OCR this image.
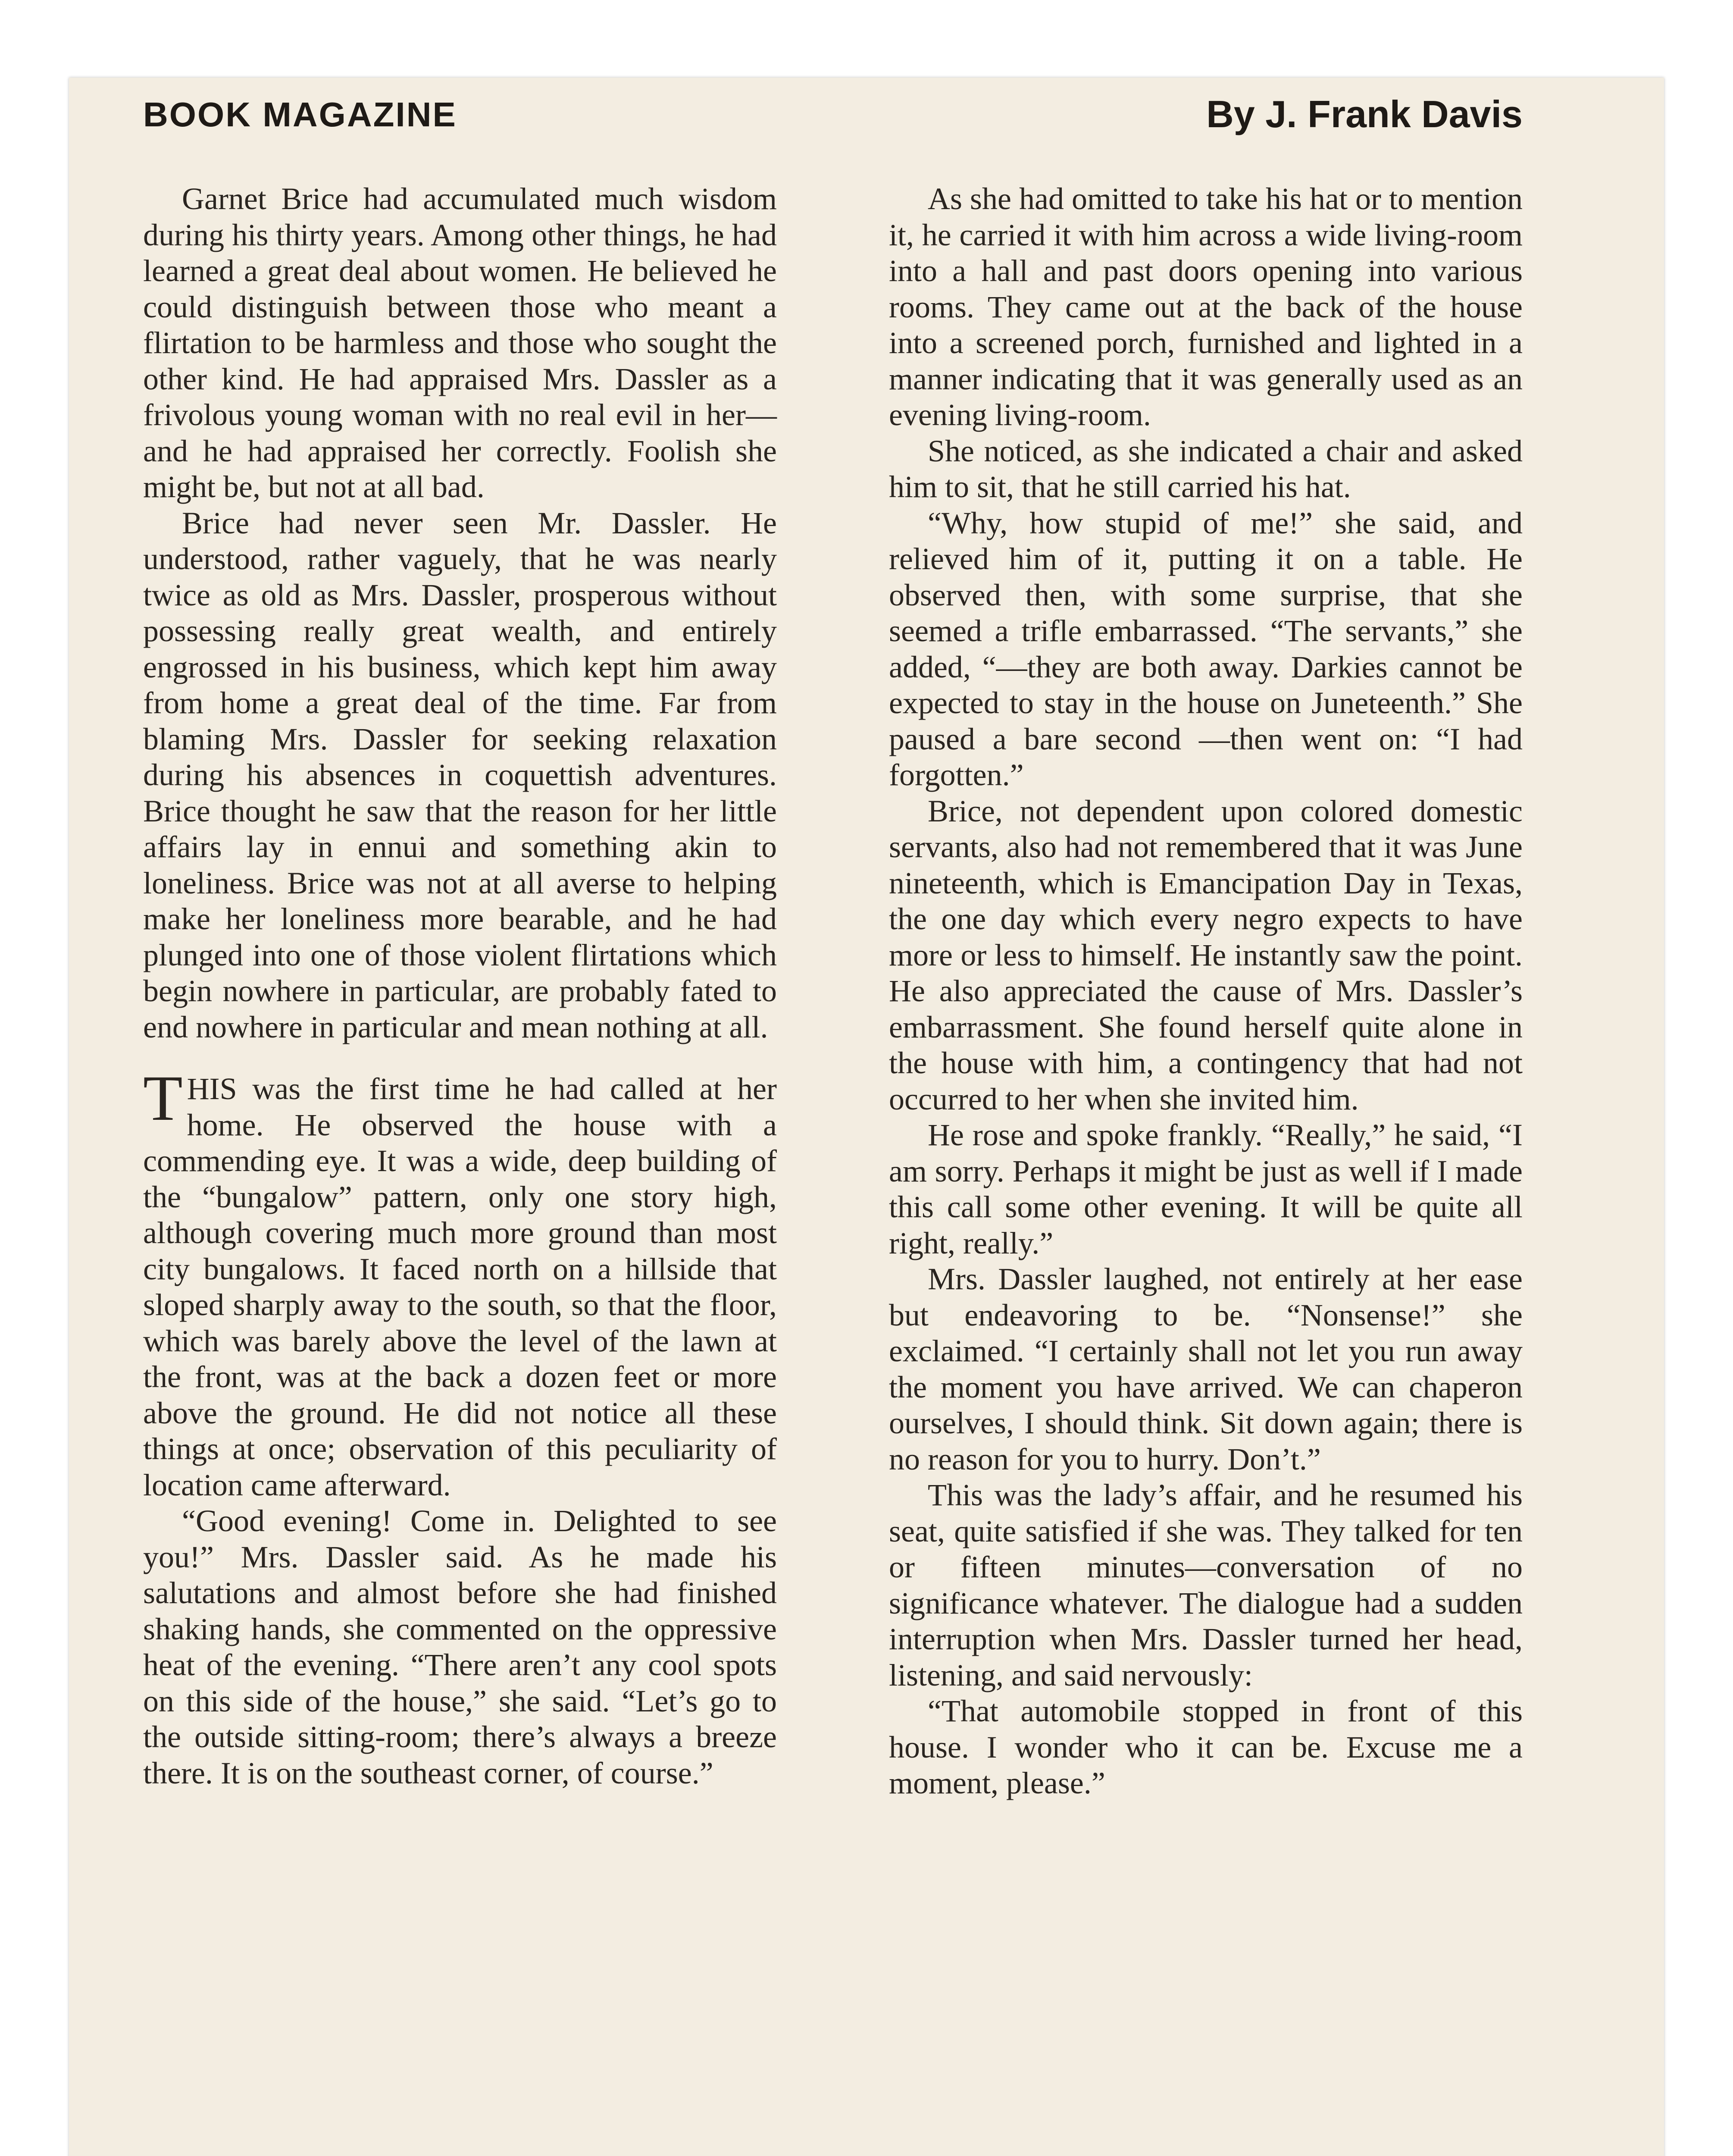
BOOK MAGAZINE	By J. Frank Davis

Garnet Brice had accumulated much wisdom during his thirty years. Among other things, he had learned a great deal about women. He believed he could distinguish between those who meant a flirtation to be harmless and those who sought the other kind. He had appraised Mrs. Dassler as a frivolous young woman with no real evil in her—and he had appraised her correctly. Foolish she might be, but not at all bad.

Brice had never seen Mr. Dassler. He understood, rather vaguely, that he was nearly twice as old as Mrs. Dassler, prosperous without possessing really great wealth, and entirely engrossed in his business, which kept him away from home a great deal of the time. Far from blaming Mrs. Dassler for seeking relaxation during his absences in coquettish adventures. Brice thought he saw that the reason for her little affairs lay in ennui and something akin to loneliness. Brice was not at all averse to helping make her loneliness more bearable, and he had plunged into one of those violent flirtations which begin nowhere in particular, are probably fated to end nowhere in particular and mean nothing at all.

THIS was the first time he had called at her home. He observed the house with a commending eye. It was a wide, deep building of the “bungalow” pattern, only one story high, although covering much more ground than most city bungalows. It faced north on a hillside that sloped sharply away to the south, so that the floor, which was barely above the level of the lawn at the front, was at the back a dozen feet or more above the ground. He did not notice all these things at once; observation of this peculiarity of location came afterward.

“Good evening! Come in. Delighted to see you!” Mrs. Dassler said. As he made his salutations and almost before she had finished shaking hands, she commented on the oppressive heat of the evening. “There aren’t any cool spots on this side of the house,” she said. “Let’s go to the outside sitting-room; there’s always a breeze there. It is on the southeast corner, of course.”

As she had omitted to take his hat or to mention it, he carried it with him across a wide living-room into a hall and past doors opening into various rooms. They came out at the back of the house into a screened porch, furnished and lighted in a manner indicating that it was generally used as an evening living-room.

She noticed, as she indicated a chair and asked him to sit, that he still carried his hat.

“Why, how stupid of me!” she said, and relieved him of it, putting it on a table. He observed then, with some surprise, that she seemed a trifle embarrassed. “The servants,” she added, “—they are both away. Darkies cannot be expected to stay in the house on Juneteenth.” She paused a bare second —then went on: “I had forgotten.”

Brice, not dependent upon colored domestic servants, also had not remembered that it was June nineteenth, which is Emancipation Day in Texas, the one day which every negro expects to have more or less to himself. He instantly saw the point. He also appreciated the cause of Mrs. Dassler’s embarrassment. She found herself quite alone in the house with him, a contingency that had not occurred to her when she invited him.

He rose and spoke frankly. “Really,” he said, “I am sorry. Perhaps it might be just as well if I made this call some other evening. It will be quite all right, really.”

Mrs. Dassler laughed, not entirely at her ease but endeavoring to be. “Nonsense!” she exclaimed. “I certainly shall not let you run away the moment you have arrived. We can chaperon ourselves, I should think. Sit down again; there is no reason for you to hurry. Don’t.”

This was the lady’s affair, and he resumed his seat, quite satisfied if she was. They talked for ten or fifteen minutes—conversation of no significance whatever. The dialogue had a sudden interruption when Mrs. Dassler turned her head, listening, and said nervously:

“That automobile stopped in front of this house. I wonder who it can be. Excuse me a moment, please.”
